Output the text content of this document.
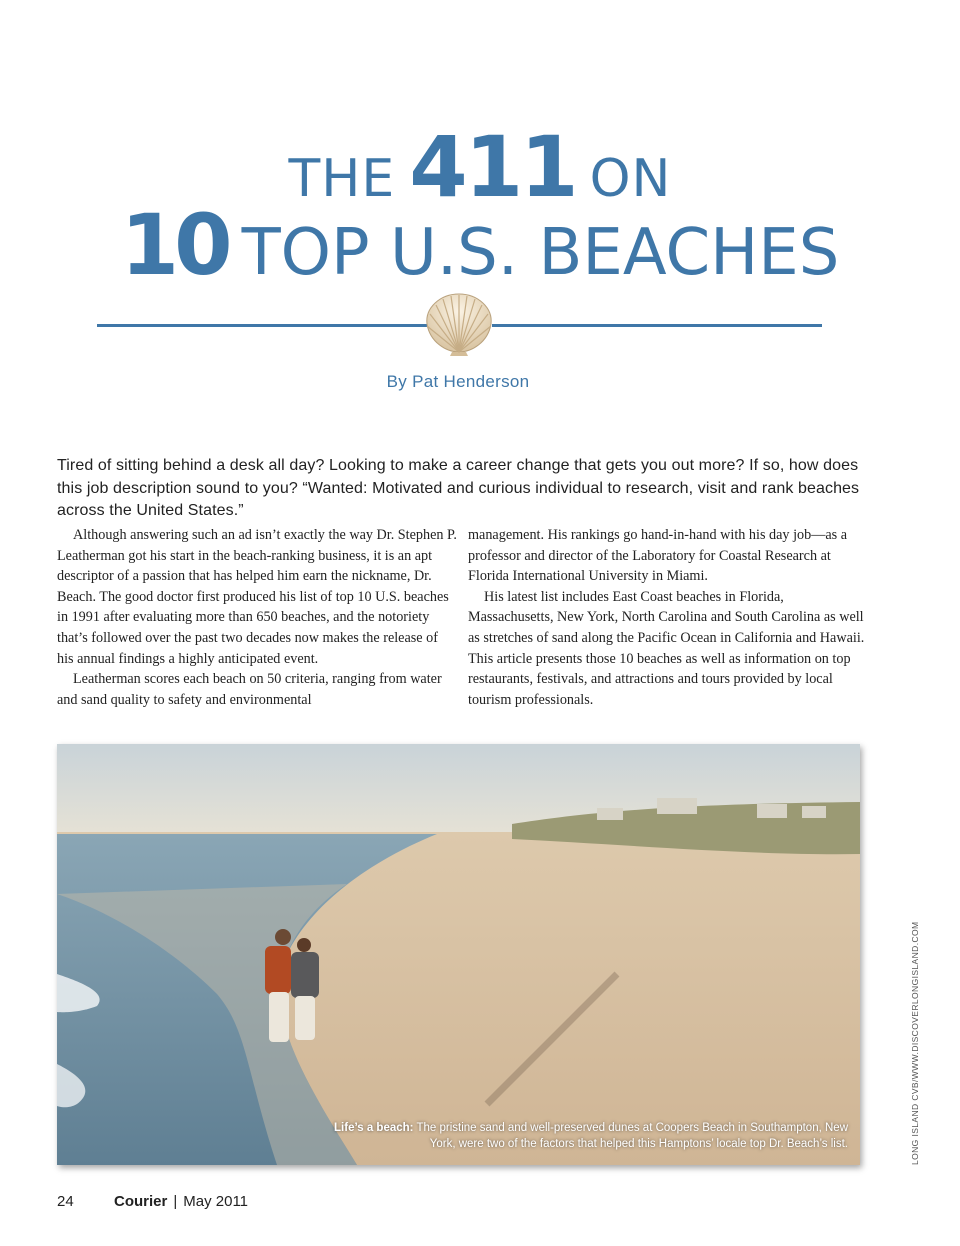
THE 411 ON
10 TOP U.S. BEACHES
By Pat Henderson

Tired of sitting behind a desk all day? Looking to make a career change that gets you out more? If so, how does this job description sound to you? “Wanted: Motivated and curious individual to research, visit and rank beaches across the United States.”

Although answering such an ad isn’t exactly the way Dr. Stephen P. Leatherman got his start in the beach-ranking business, it is an apt descriptor of a passion that has helped him earn the nickname, Dr. Beach. The good doctor first produced his list of top 10 U.S. beaches in 1991 after evaluating more than 650 beaches, and the notoriety that’s followed over the past two decades now makes the release of his annual findings a highly anticipated event.

Leatherman scores each beach on 50 criteria, ranging from water and sand quality to safety and environmental

management. His rankings go hand-in-hand with his day job—as a professor and director of the Laboratory for Coastal Research at Florida International University in Miami.

His latest list includes East Coast beaches in Florida, Massachusetts, New York, North Carolina and South Carolina as well as stretches of sand along the Pacific Ocean in California and Hawaii. This article presents those 10 beaches as well as information on top restaurants, festivals, and attractions and tours provided by local tourism professionals.

Life’s a beach: The pristine sand and well-preserved dunes at Coopers Beach in Southampton, New York, were two of the factors that helped this Hamptons’ locale top Dr. Beach’s list.	LONG ISLAND CVB/WWW.DISCOVERLONGISLAND.COM
24	Courier | May 2011
